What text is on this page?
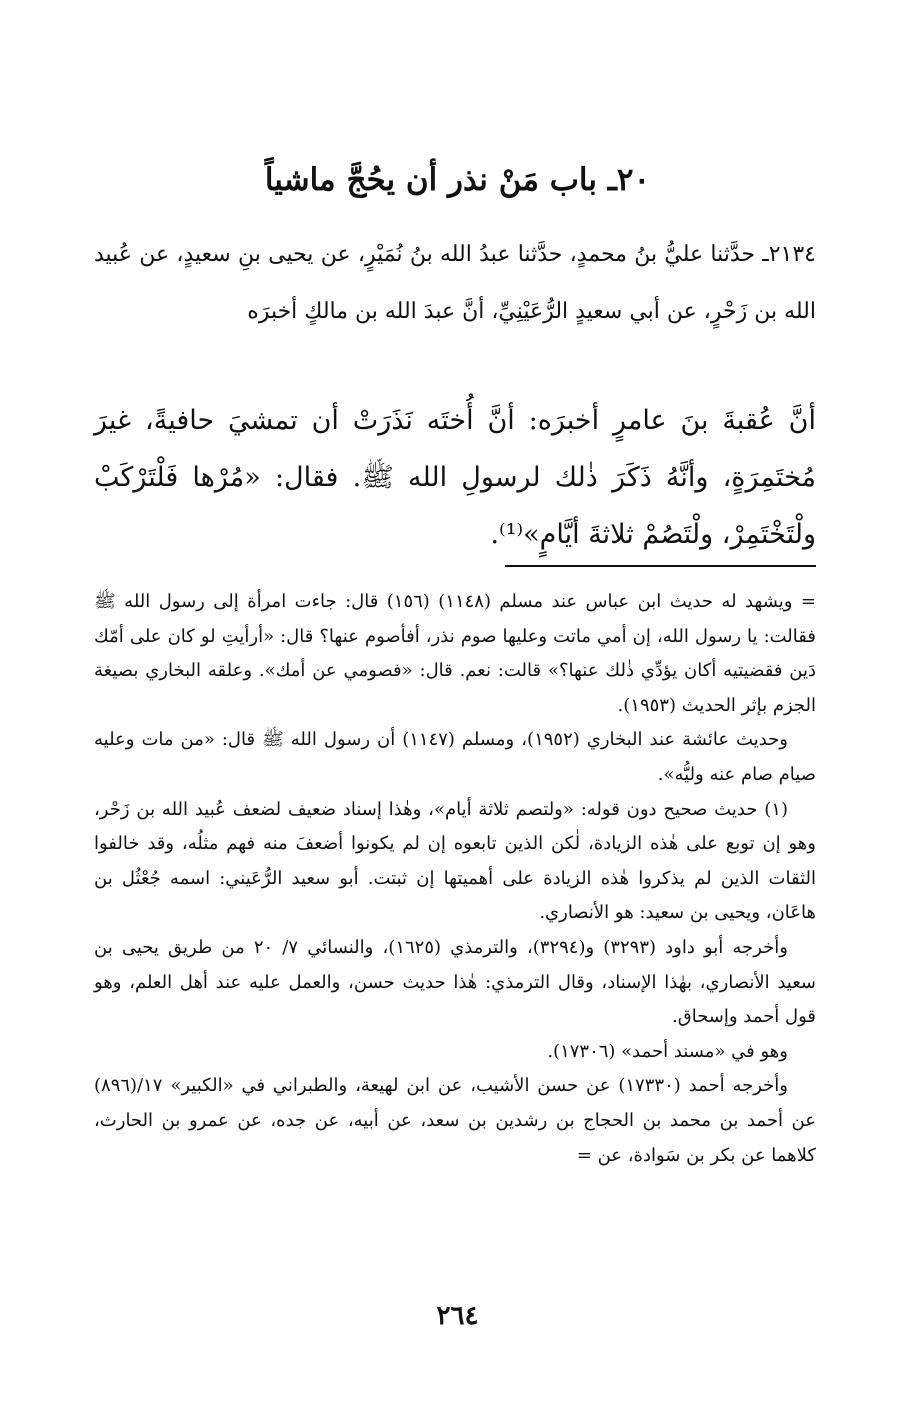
٢٠ـ باب مَنْ نذر أن يحُجَّ ماشياً
٢١٣٤ـ حدَّثنا عليُّ بنُ محمدٍ، حدَّثنا عبدُ الله بنُ نُمَيْرٍ، عن يحيى بنِ سعيدٍ، عن عُبيد الله بن زَحْرٍ، عن أبي سعيدٍ الرُّعَيْنِيِّ، أنَّ عبدَ الله بن مالكٍ أخبرَه
أنَّ عُقبةَ بنَ عامرٍ أخبرَه: أنَّ أُختَه نَذَرَتْ أن تمشيَ حافيةً، غيرَ مُختَمِرَةٍ، وأنَّهُ ذَكَرَ ذٰلك لرسولِ الله ﷺ. فقال: «مُرْها فَلْتَرْكَبْ ولْتَخْتَمِرْ، ولْتَصُمْ ثلاثةَ أيَّامٍ»⁽¹⁾.

= ويشهد له حديث ابن عباس عند مسلم (١١٤٨) (١٥٦) قال: جاءت امرأة إلى رسول الله ﷺ فقالت: يا رسول الله، إن أمي ماتت وعليها صوم نذر، أفأصوم عنها؟ قال: «أرأيتِ لو كان على أمّك دَين فقضيتيه أكان يؤدِّي ذٰلك عنها؟» قالت: نعم. قال: «فصومي عن أمك». وعلقه البخاري بصيغة الجزم بإثر الحديث (١٩٥٣).

وحديث عائشة عند البخاري (١٩٥٢)، ومسلم (١١٤٧) أن رسول الله ﷺ قال: «من مات وعليه صيام صام عنه وليُّه».

(١) حديث صحيح دون قوله: «ولتصم ثلاثة أيام»، وهٰذا إسناد ضعيف لضعف عُبيد الله بن زَحْر، وهو إن توبع على هٰذه الزيادة، لٰكن الذين تابعوه إن لم يكونوا أضعفَ منه فهم مثلُه، وقد خالفوا الثقات الذين لم يذكروا هٰذه الزيادة على أهميتها إن ثبتت. أبو سعيد الرُّعَيني: اسمه جُعْثُل بن هاعَان، ويحيى بن سعيد: هو الأنصاري.

وأخرجه أبو داود (٣٢٩٣) و(٣٢٩٤)، والترمذي (١٦٢٥)، والنسائي ٧/ ٢٠ من طريق يحيى بن سعيد الأنصاري، بهٰذا الإسناد، وقال الترمذي: هٰذا حديث حسن، والعمل عليه عند أهل العلم، وهو قول أحمد وإسحاق.

وهو في «مسند أحمد» (١٧٣٠٦).

وأخرجه أحمد (١٧٣٣٠) عن حسن الأشيب، عن ابن لهيعة، والطبراني في «الكبير» ١٧/(٨٩٦) عن أحمد بن محمد بن الحجاج بن رشدين بن سعد، عن أبيه، عن جده، عن عمرو بن الحارث، كلاهما عن بكر بن سَوادة، عن =

٢٦٤
